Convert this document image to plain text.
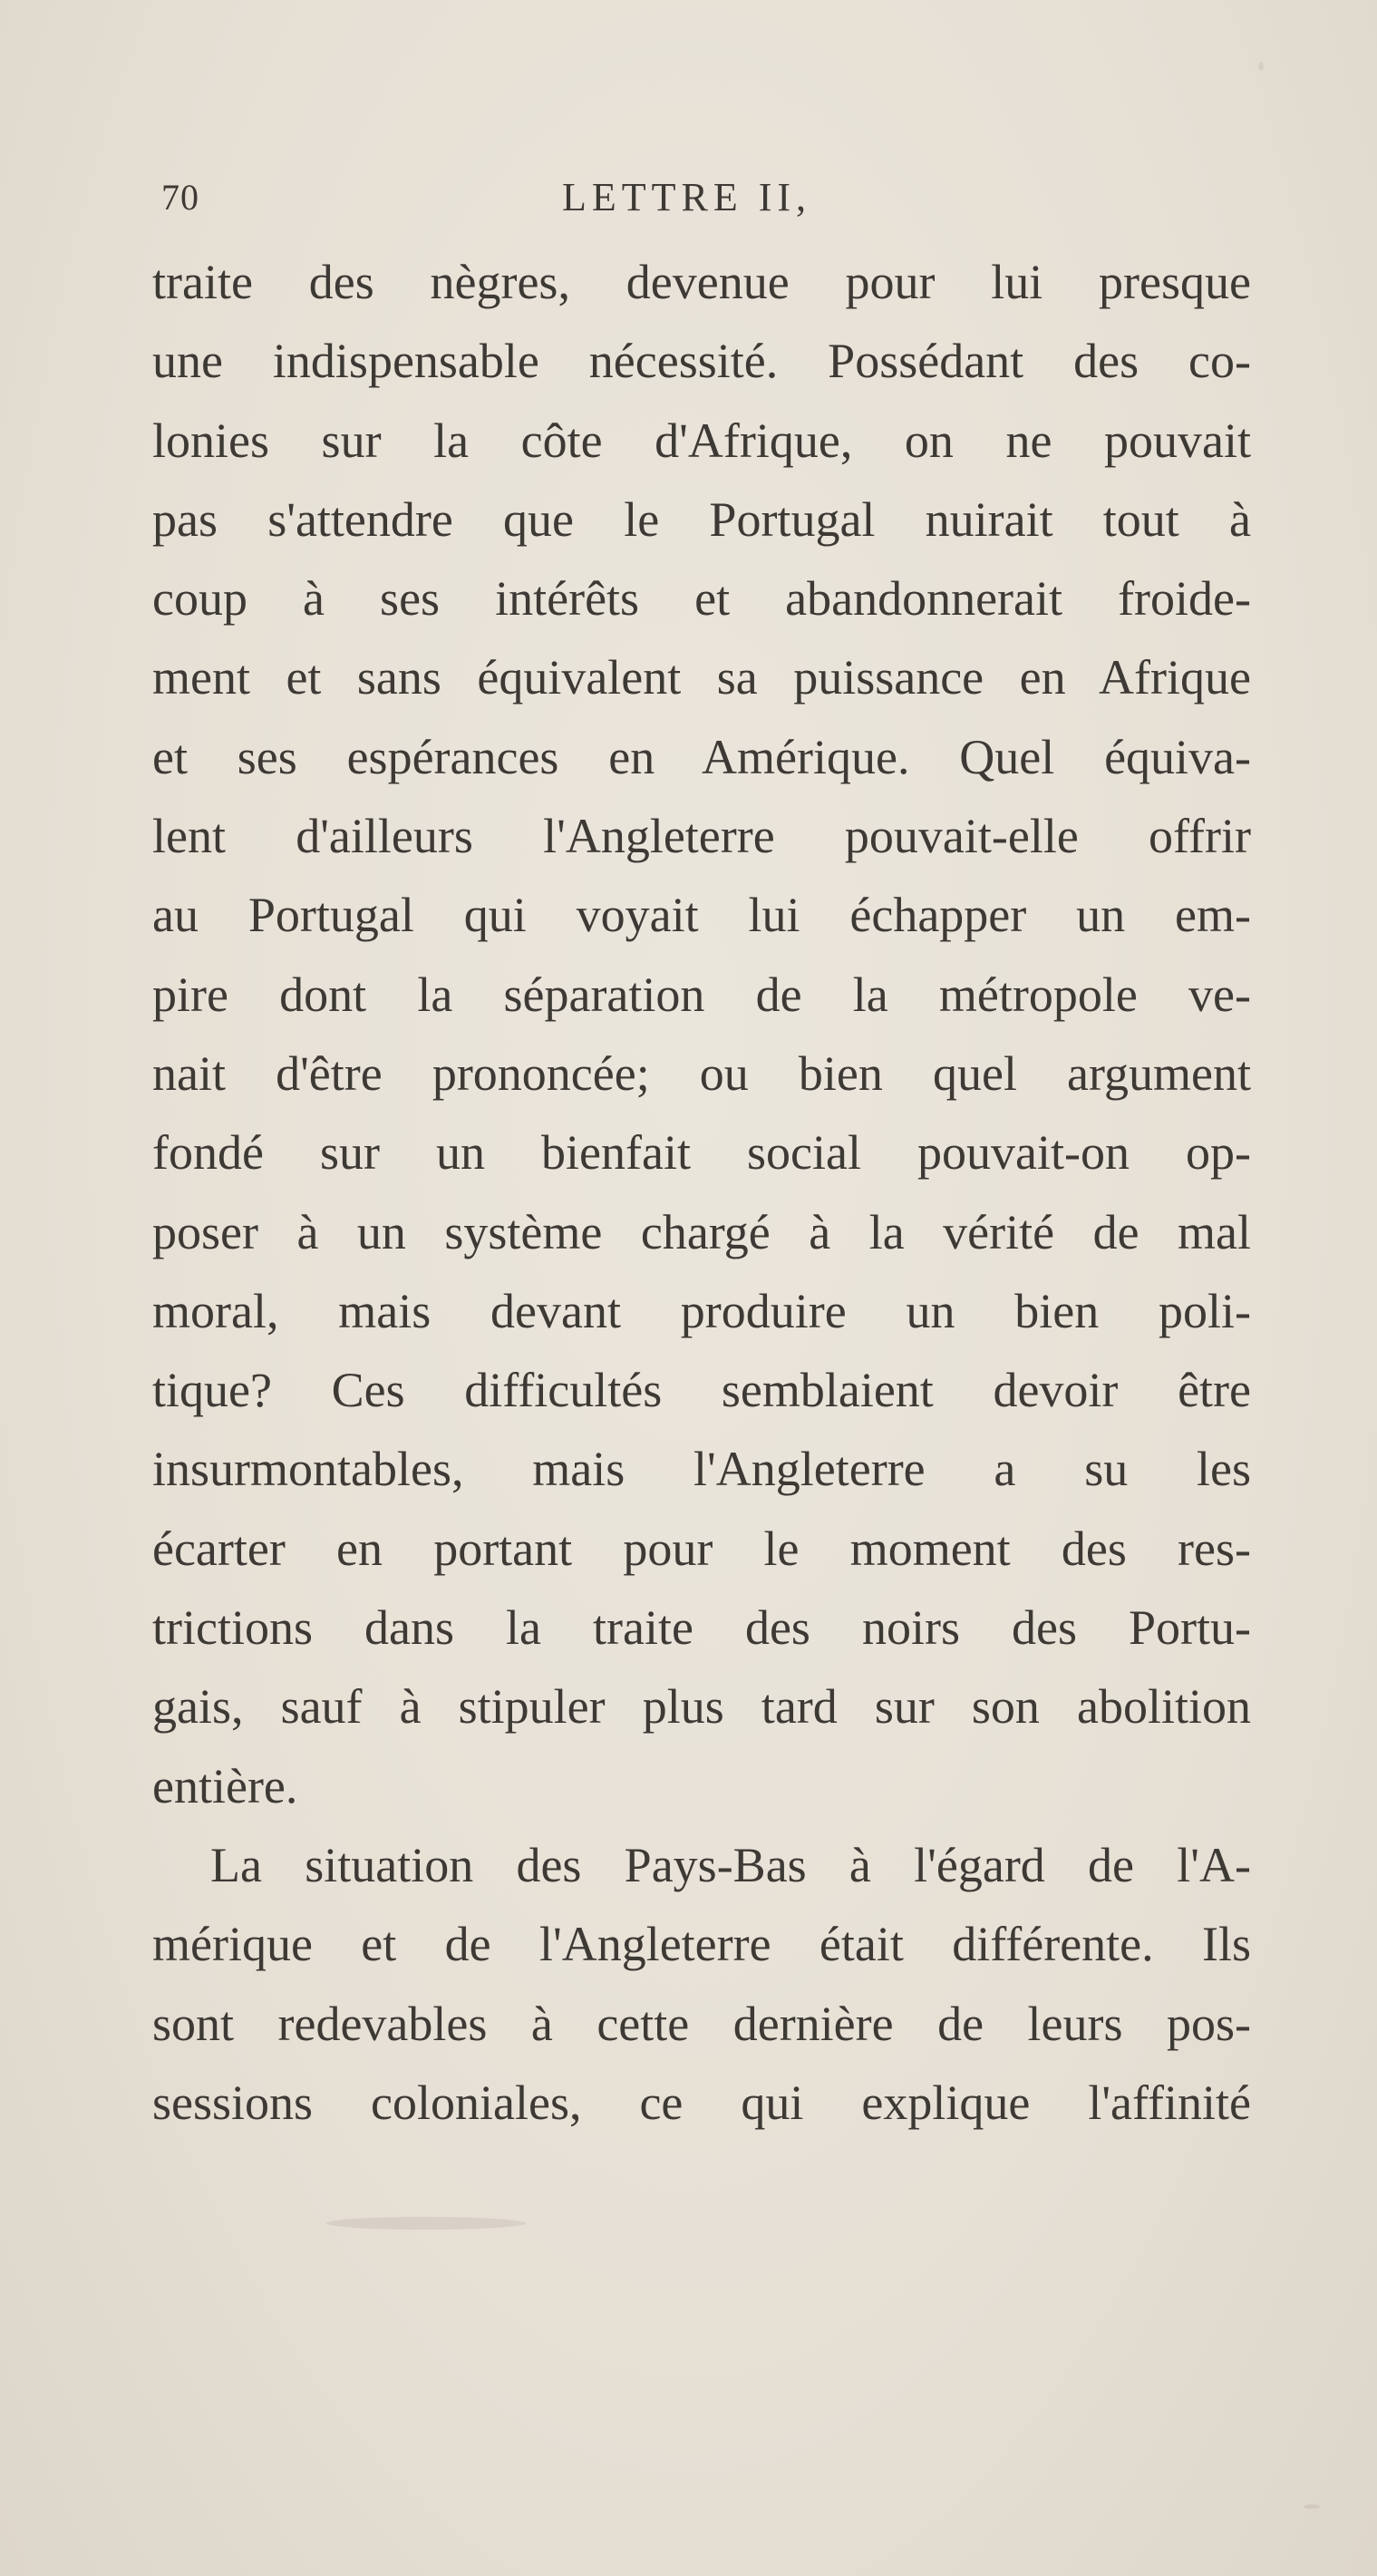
70	LETTRE II,
traite des nègres, devenue pour lui presque
une indispensable nécessité. Possédant des co-
lonies sur la côte d'Afrique, on ne pouvait
pas s'attendre que le Portugal nuirait tout à
coup à ses intérêts et abandonnerait froide-
ment et sans équivalent sa puissance en Afrique
et ses espérances en Amérique. Quel équiva-
lent d'ailleurs l'Angleterre pouvait-elle offrir
au Portugal qui voyait lui échapper un em-
pire dont la séparation de la métropole ve-
nait d'être prononcée; ou bien quel argument
fondé sur un bienfait social pouvait-on op-
poser à un système chargé à la vérité de mal
moral, mais devant produire un bien poli-
tique? Ces difficultés semblaient devoir être
insurmontables, mais l'Angleterre a su les
écarter en portant pour le moment des res-
trictions dans la traite des noirs des Portu-
gais, sauf à stipuler plus tard sur son abolition
entière.
La situation des Pays-Bas à l'égard de l'A-
mérique et de l'Angleterre était différente. Ils
sont redevables à cette dernière de leurs pos-
sessions coloniales, ce qui explique l'affinité
